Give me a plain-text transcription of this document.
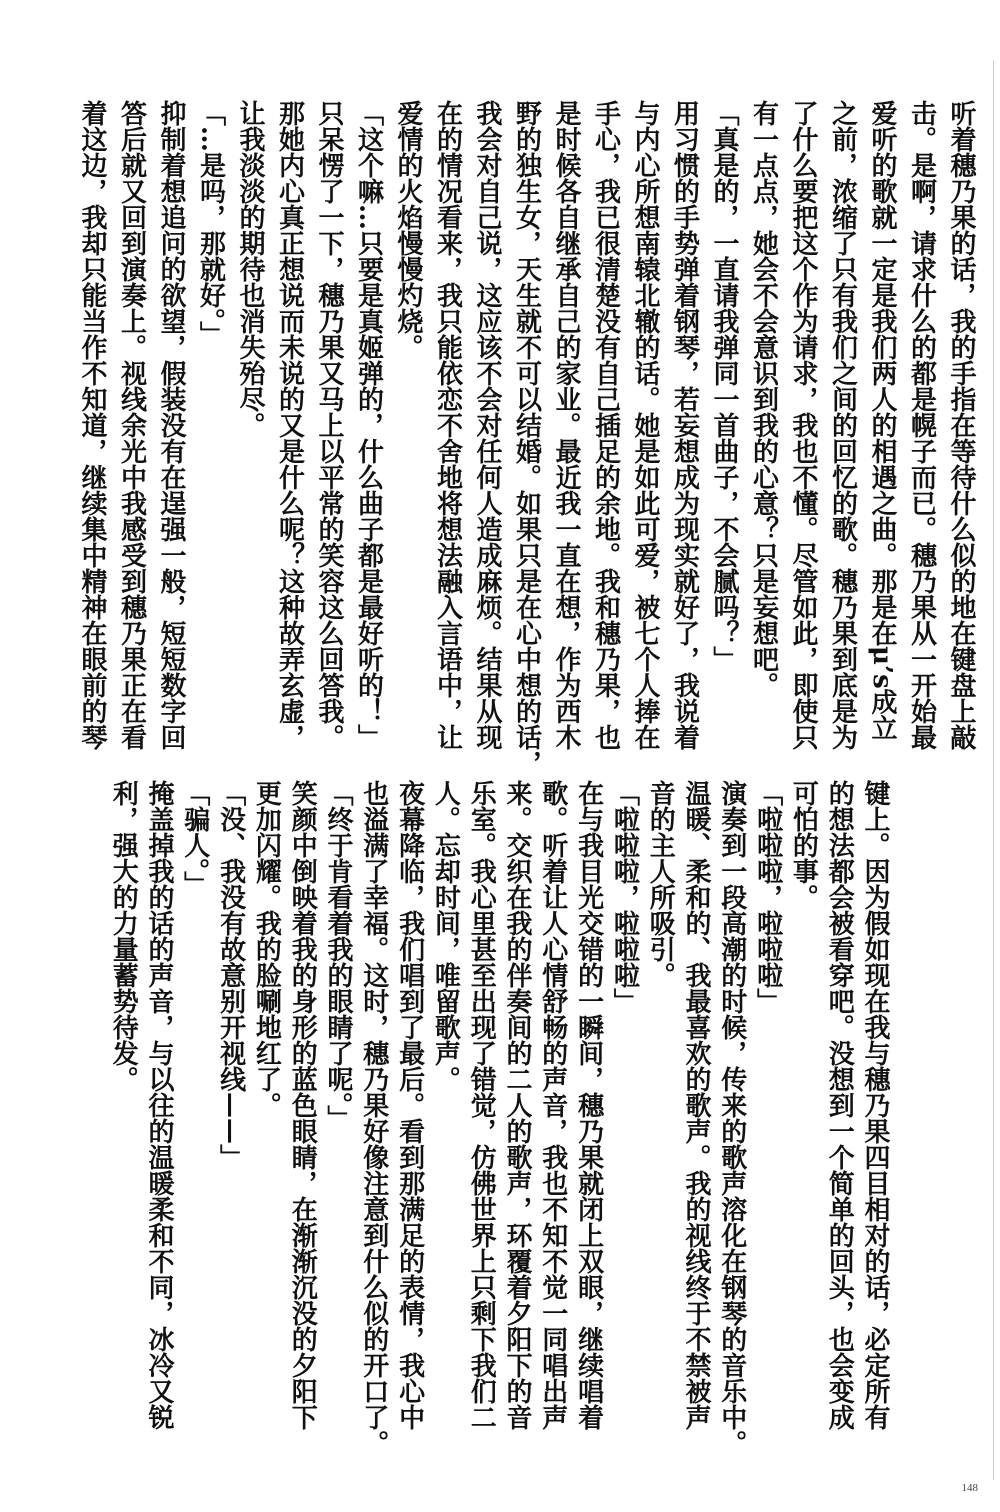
听着穗乃果的话，我的手指在等待什么似的地在键盘上敲
击。是啊，请求什么的都是幌子而已。穗乃果从一开始最
爱听的歌就一定是我们两人的相遇之曲。那是在μ’s成立
之前，浓缩了只有我们之间的回忆的歌。穗乃果到底是为
了什么要把这个作为请求，我也不懂。尽管如此，即使只
有一点点，她会不会意识到我的心意？只是妄想吧。
「真是的，一直请我弹同一首曲子，不会腻吗？」
用习惯的手势弹着钢琴，若妄想成为现实就好了，我说着
与内心所想南辕北辙的话。她是如此可爱，被七个人捧在
手心，我已很清楚没有自己插足的余地。我和穗乃果，也
是时候各自继承自己的家业。最近我一直在想，作为西木
野的独生女，天生就不可以结婚。如果只是在心中想的话，
我会对自己说，这应该不会对任何人造成麻烦。结果从现
在的情况看来，我只能依恋不舍地将想法融入言语中，让
爱情的火焰慢慢灼烧。
「这个嘛…只要是真姬弹的，什么曲子都是最好听的！」
只呆愣了一下，穗乃果又马上以平常的笑容这么回答我。
那她内心真正想说而未说的又是什么呢？这种故弄玄虚，
让我淡淡的期待也消失殆尽。
「…是吗，那就好。」
抑制着想追问的欲望，假装没有在逞强一般，短短数字回
答后就又回到演奏上。视线余光中我感受到穗乃果正在看
着这边，我却只能当作不知道，继续集中精神在眼前的琴
键上。因为假如现在我与穗乃果四目相对的话，必定所有
的想法都会被看穿吧。没想到一个简单的回头，也会变成
可怕的事。
「啦啦啦，啦啦啦」
演奏到一段高潮的时候，传来的歌声溶化在钢琴的音乐中。
温暖、柔和的、我最喜欢的歌声。我的视线终于不禁被声
音的主人所吸引。
「啦啦啦，啦啦啦」
在与我目光交错的一瞬间，穗乃果就闭上双眼，继续唱着
歌。听着让人心情舒畅的声音，我也不知不觉一同唱出声
来。交织在我的伴奏间的二人的歌声，环覆着夕阳下的音
乐室。我心里甚至出现了错觉，仿佛世界上只剩下我们二
人。忘却时间，唯留歌声。
夜幕降临，我们唱到了最后。看到那满足的表情，我心中
也溢满了幸福。这时，穗乃果好像注意到什么似的开口了。
「终于肯看着我的眼睛了呢。」
笑颜中倒映着我的身形的蓝色眼睛，在渐渐沉没的夕阳下
更加闪耀。我的脸唰地红了。
「没、我没有故意别开视线——」
「骗人。」
掩盖掉我的话的声音，与以往的温暖柔和不同，冰冷又锐
利，强大的力量蓄势待发。
148
